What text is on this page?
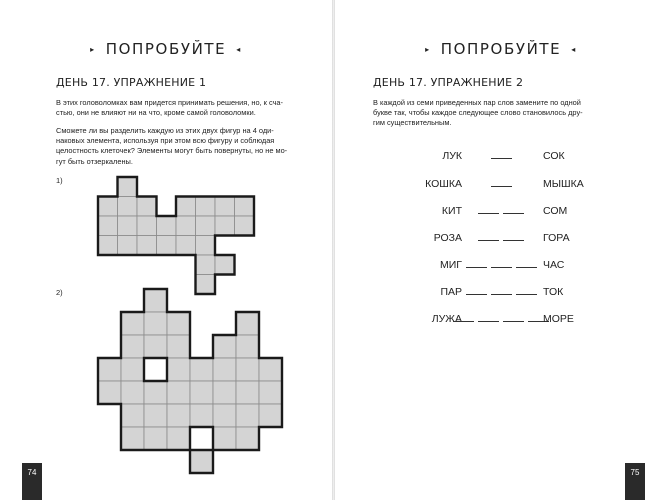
▸ ПОПРОБУЙТЕ ◂
ДЕНЬ 17. УПРАЖНЕНИЕ 1
В этих головоломках вам придется принимать решения, но, к сча-
стью, они не влияют ни на что, кроме самой головоломки.
Сможете ли вы разделить каждую из этих двух фигур на 4 оди-
наковых элемента, используя при этом всю фигуру и соблюдая
целостность клеточек? Элементы могут быть повернуты, но не мо-
гут быть отзеркалены.
1)
2)
74
▸ ПОПРОБУЙТЕ ◂
ДЕНЬ 17. УПРАЖНЕНИЕ 2
В каждой из семи приведенных пар слов замените по одной
букве так, чтобы каждое следующее слово становилось дру-
гим существительным.
ЛУК	СОК
КОШКА	МЫШКА
КИТ	СОМ
РОЗА	ГОРА
МИГ	ЧАС
ПАР	ТОК
ЛУЖА	МОРЕ
75
